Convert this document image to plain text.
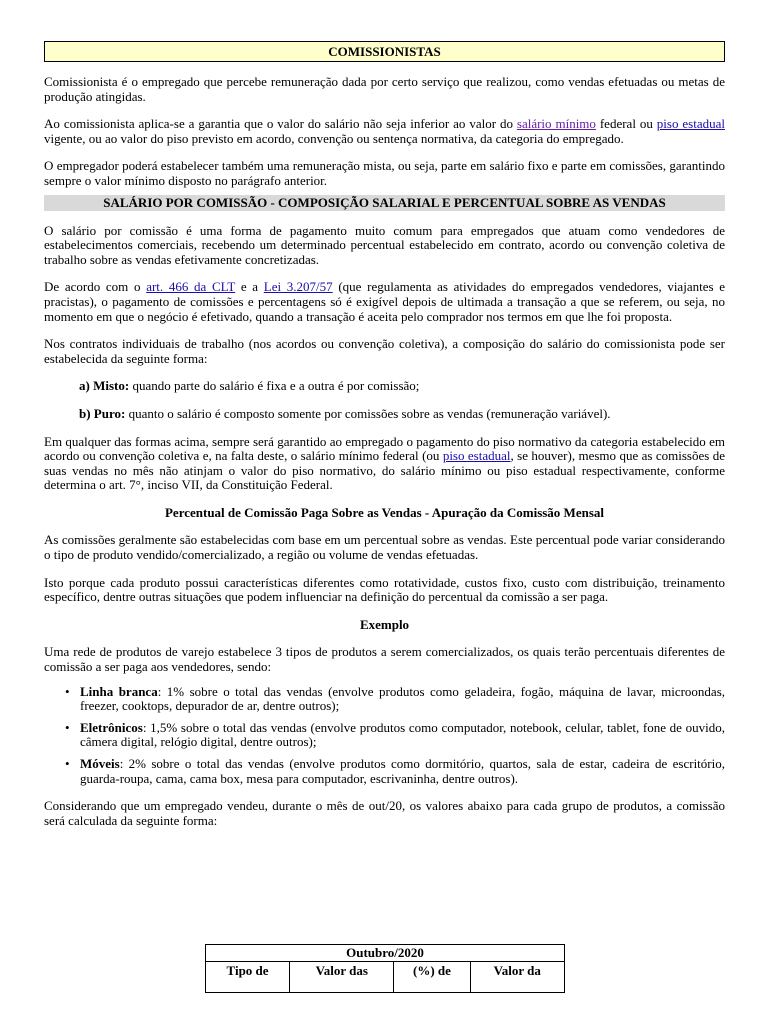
COMISSIONISTAS

Comissionista é o empregado que percebe remuneração dada por certo serviço que realizou, como vendas efetuadas ou metas de produção atingidas.

Ao comissionista aplica-se a garantia que o valor do salário não seja inferior ao valor do salário mínimo federal ou piso estadual vigente, ou ao valor do piso previsto em acordo, convenção ou sentença normativa, da categoria do empregado.

O empregador poderá estabelecer também uma remuneração mista, ou seja, parte em salário fixo e parte em comissões, garantindo sempre o valor mínimo disposto no parágrafo anterior.

SALÁRIO POR COMISSÃO - COMPOSIÇÃO SALARIAL E PERCENTUAL SOBRE AS VENDAS

O salário por comissão é uma forma de pagamento muito comum para empregados que atuam como vendedores de estabelecimentos comerciais, recebendo um determinado percentual estabelecido em contrato, acordo ou convenção coletiva de trabalho sobre as vendas efetivamente concretizadas.

De acordo com o art. 466 da CLT e a Lei 3.207/57 (que regulamenta as atividades do empregados vendedores, viajantes e pracistas), o pagamento de comissões e percentagens só é exigível depois de ultimada a transação a que se referem, ou seja, no momento em que o negócio é efetivado, quando a transação é aceita pelo comprador nos termos em que lhe foi proposta.

Nos contratos individuais de trabalho (nos acordos ou convenção coletiva), a composição do salário do comissionista pode ser estabelecida da seguinte forma:

a) Misto: quando parte do salário é fixa e a outra é por comissão;

b) Puro: quanto o salário é composto somente por comissões sobre as vendas (remuneração variável).

Em qualquer das formas acima, sempre será garantido ao empregado o pagamento do piso normativo da categoria estabelecido em acordo ou convenção coletiva e, na falta deste, o salário mínimo federal (ou piso estadual, se houver), mesmo que as comissões de suas vendas no mês não atinjam o valor do piso normativo, do salário mínimo ou piso estadual respectivamente, conforme determina o art. 7°, inciso VII, da Constituição Federal.

Percentual de Comissão Paga Sobre as Vendas - Apuração da Comissão Mensal

As comissões geralmente são estabelecidas com base em um percentual sobre as vendas. Este percentual pode variar considerando o tipo de produto vendido/comercializado, a região ou volume de vendas efetuadas.

Isto porque cada produto possui características diferentes como rotatividade, custos fixo, custo com distribuição, treinamento específico, dentre outras situações que podem influenciar na definição do percentual da comissão a ser paga.

Exemplo

Uma rede de produtos de varejo estabelece 3 tipos de produtos a serem comercializados, os quais terão percentuais diferentes de comissão a ser paga aos vendedores, sendo:

• Linha branca: 1% sobre o total das vendas (envolve produtos como geladeira, fogão, máquina de lavar, microondas, freezer, cooktops, depurador de ar, dentre outros);
• Eletrônicos: 1,5% sobre o total das vendas (envolve produtos como computador, notebook, celular, tablet, fone de ouvido, câmera digital, relógio digital, dentre outros);
• Móveis: 2% sobre o total das vendas (envolve produtos como dormitório, quartos, sala de estar, cadeira de escritório, guarda-roupa, cama, cama box, mesa para computador, escrivaninha, dentre outros).

Considerando que um empregado vendeu, durante o mês de out/20, os valores abaixo para cada grupo de produtos, a comissão será calculada da seguinte forma:

Outubro/2020
Tipo de	Valor das	(%) de	Valor da
